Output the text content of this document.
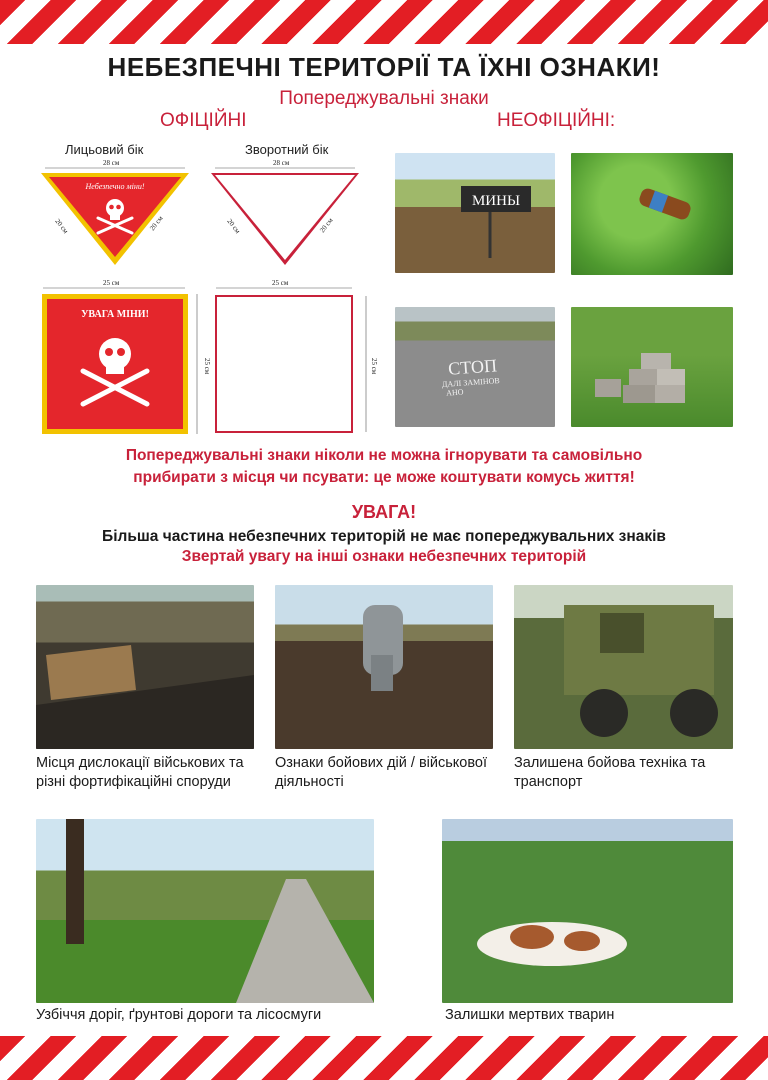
НЕБЕЗПЕЧНІ ТЕРИТОРІЇ ТА ЇХНІ ОЗНАКИ!
Попереджувальні знаки
ОФІЦІЙНІ	НЕОФІЦІЙНІ:
Лицьовий бік	Зворотний бік
28 см
Небезпечно міни!
20 см	20 см
28 см
20 см	20 см
25 см
УВАГА МІНИ!
25 см
25 см
25 см
МИНЫ
СТОП
ДАЛІ ЗАМІНОВ
АНО
Попереджувальні знаки ніколи не можна ігнорувати та самовільно
прибирати з місця чи псувати: це може коштувати комусь життя!
УВАГА!
Більша частина небезпечних територій не має попереджувальних знаків
Звертай увагу на інші ознаки небезпечних територій
Місця дислокації військових та різні фортифікаційні споруди
Ознаки бойових дій / військової діяльності
Залишена бойова техніка та транспорт
Узбіччя доріг, ґрунтові дороги та лісосмуги	Залишки мертвих тварин
